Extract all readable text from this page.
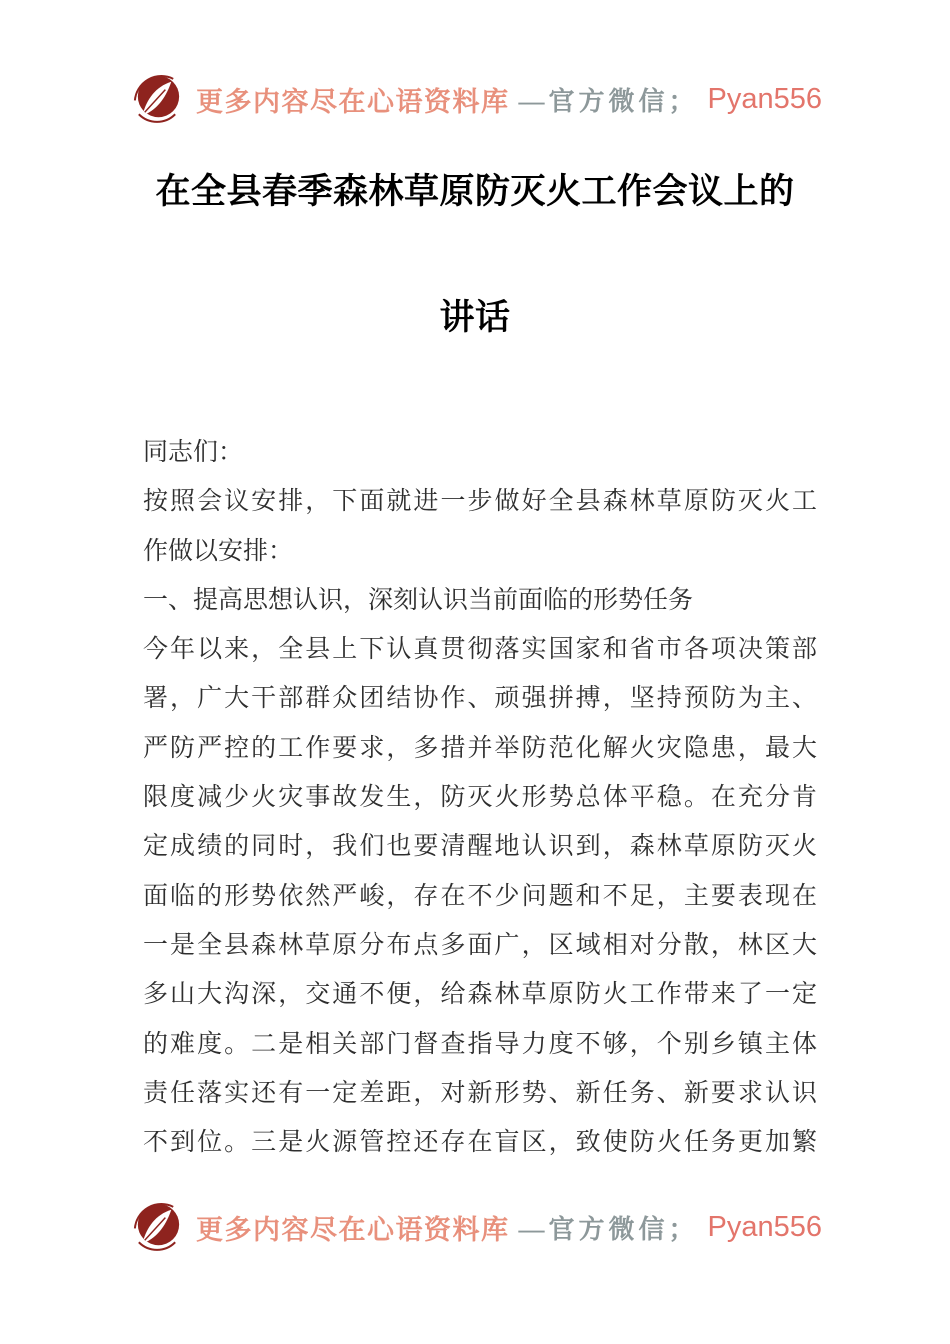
更多内容尽在心语资料库 —官方微信； Pyan556
在全县春季森林草原防灭火工作会议上的
讲话
同志们：
按照会议安排，下面就进一步做好全县森林草原防灭火工
作做以安排：
一、提高思想认识，深刻认识当前面临的形势任务
今年以来，全县上下认真贯彻落实国家和省市各项决策部
署，广大干部群众团结协作、顽强拼搏，坚持预防为主、
严防严控的工作要求，多措并举防范化解火灾隐患，最大
限度减少火灾事故发生，防灭火形势总体平稳。在充分肯
定成绩的同时，我们也要清醒地认识到，森林草原防灭火
面临的形势依然严峻，存在不少问题和不足，主要表现在
一是全县森林草原分布点多面广，区域相对分散，林区大
多山大沟深，交通不便，给森林草原防火工作带来了一定
的难度。二是相关部门督查指导力度不够，个别乡镇主体
责任落实还有一定差距，对新形势、新任务、新要求认识
不到位。三是火源管控还存在盲区，致使防火任务更加繁
更多内容尽在心语资料库 —官方微信； Pyan556
